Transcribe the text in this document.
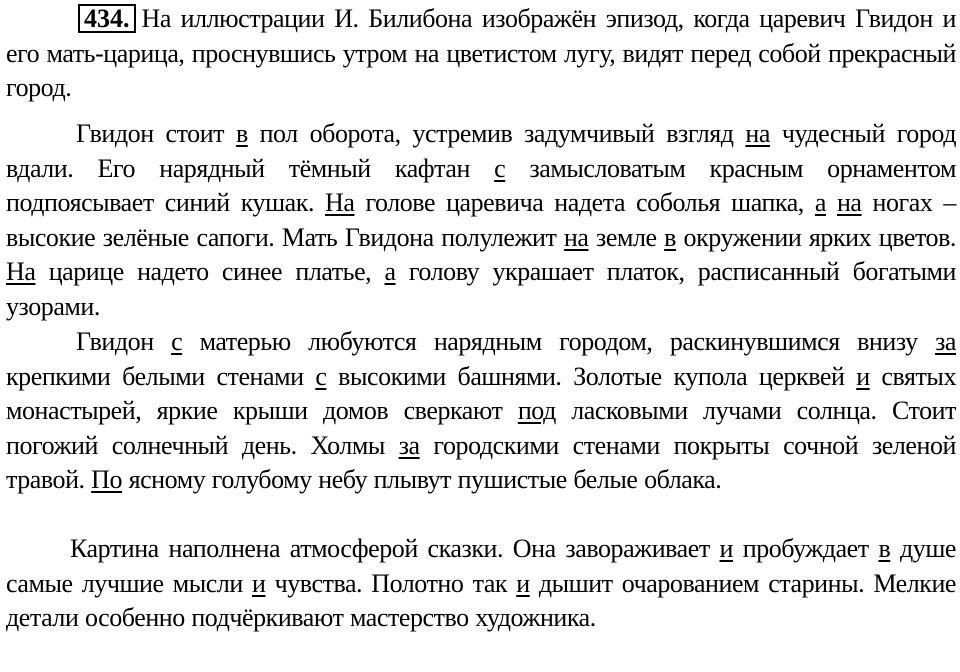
434. На иллюстрации И. Билибона изображён эпизод, когда царевич Гвидон и его мать-царица, проснувшись утром на цветистом лугу, видят перед собой прекрасный город.

Гвидон стоит в пол оборота, устремив задумчивый взгляд на чудесный город вдали. Его нарядный тёмный кафтан с замысловатым красным орнаментом подпоясывает синий кушак. На голове царевича надета соболья шапка, а на ногах – высокие зелёные сапоги. Мать Гвидона полулежит на земле в окружении ярких цветов. На царице надето синее платье, а голову украшает платок, расписанный богатыми узорами.

Гвидон с матерью любуются нарядным городом, раскинувшимся внизу за крепкими белыми стенами с высокими башнями. Золотые купола церквей и святых монастырей, яркие крыши домов сверкают под ласковыми лучами солнца. Стоит погожий солнечный день. Холмы за городскими стенами покрыты сочной зеленой травой. По ясному голубому небу плывут пушистые белые облака.

Картина наполнена атмосферой сказки. Она завораживает и пробуждает в душе самые лучшие мысли и чувства. Полотно так и дышит очарованием старины. Мелкие детали особенно подчёркивают мастерство художника.
